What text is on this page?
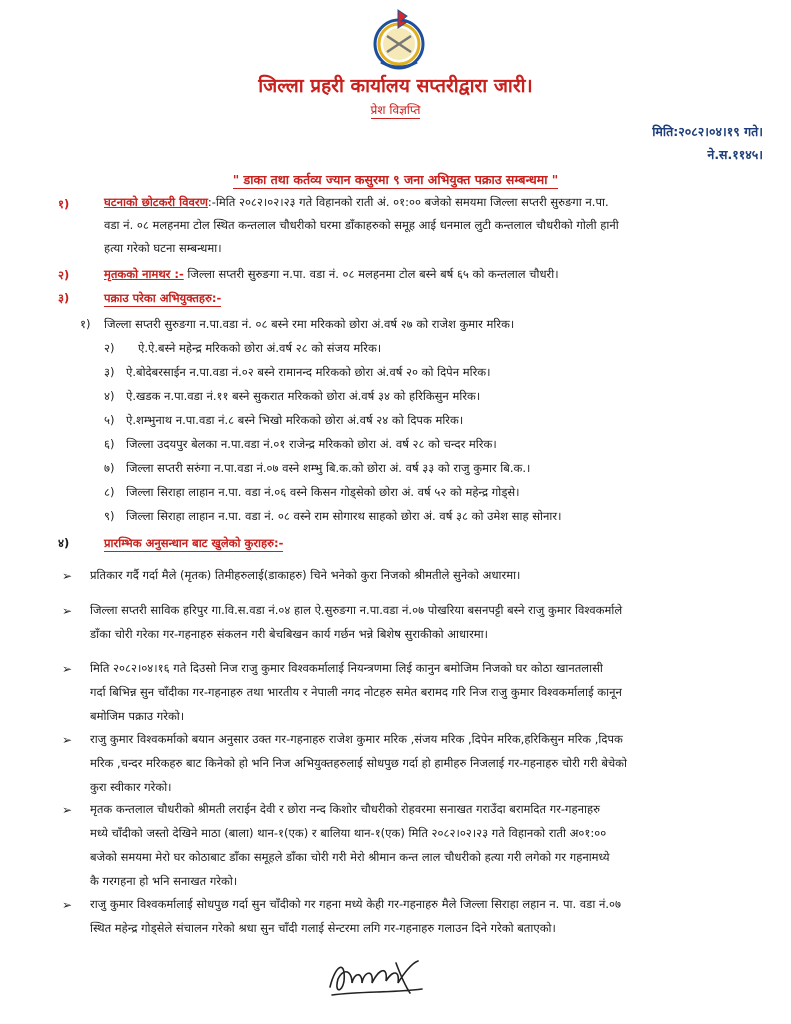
जिल्ला प्रहरी कार्यालय सप्तरीद्वारा जारी।
प्रेश विज्ञप्ति
मिति:२०८२।०४।१९ गते।
ने.स.११४५।
" डाका तथा कर्तव्य ज्यान कसुरमा ९ जना अभियुक्त पक्राउ सम्बन्धमा "
१)	घटनाको छोटकरी विवरण:-मिति २०८२।०२।२३ गते विहानको राती अं. ०१:०० बजेको समयमा जिल्ला सप्तरी सुरुङगा न.पा.
वडा नं. ०८ मलहनमा टोल स्थित कन्तलाल चौधरीको घरमा डाँकाहरुको समूह आई धनमाल लुटी कन्तलाल चौधरीको गोली हानी
हत्या गरेको घटना सम्बन्धमा।
२)	मृतकको नामथर :- जिल्ला सप्तरी सुरुङगा न.पा. वडा नं. ०८ मलहनमा टोल बस्ने बर्ष ६५ को कन्तलाल चौधरी।
३)	पक्राउ परेका अभियुक्तहरु:-
१) जिल्ला सप्तरी सुरुङगा न.पा.वडा नं. ०८ बस्ने रमा मरिकको छोरा अं.वर्ष २७ को राजेश कुमार मरिक।
२) ऐ.ऐ.बस्ने महेन्द्र मरिकको छोरा अं.वर्ष २८ को संजय मरिक।
३) ऐ.बोदेबरसाईन न.पा.वडा नं.०२ बस्ने रामानन्द मरिकको छोरा अं.वर्ष २० को दिपेन मरिक।
४) ऐ.खडक न.पा.वडा नं.११ बस्ने सुकरात मरिकको छोरा अं.वर्ष ३४ को हरिकिसुन मरिक।
५) ऐ.शम्भुनाथ न.पा.वडा नं.८ बस्ने भिखो मरिकको छोरा अं.वर्ष २४ को दिपक मरिक।
६) जिल्ला उदयपुर बेलका न.पा.वडा नं.०१ राजेन्द्र मरिकको छोरा अं. वर्ष २८ को चन्दर मरिक।
७) जिल्ला सप्तरी सरुंगा न.पा.वडा नं.०७ वस्ने शम्भु बि.क.को छोरा अं. वर्ष ३३ को राजु कुमार बि.क.।
८) जिल्ला सिराहा लाहान न.पा. वडा नं.०६ वस्ने किसन गोड्सेको छोरा अं. वर्ष ५२ को महेन्द्र गोड्से।
९) जिल्ला सिराहा लाहान न.पा. वडा नं. ०८ वस्ने राम सोगारथ साहको छोरा अं. वर्ष ३८ को उमेश साह सोनार।
४)	प्रारम्भिक अनुसन्धान बाट खुलेको कुराहरु:-
➢ प्रतिकार गर्दै गर्दा मैले (मृतक) तिमीहरुलाई(डाकाहरु) चिने भनेको कुरा निजको श्रीमतीले सुनेको अधारमा।
➢ जिल्ला सप्तरी साविक हरिपुर गा.वि.स.वडा नं.०४ हाल ऐ.सुरुङगा न.पा.वडा नं.०७ पोखरिया बसनपट्टी बस्ने राजु कुमार विश्वकर्माले
डाँका चोरी गरेका गर-गहनाहरु संकलन गरी बेचबिखन कार्य गर्छन भन्ने बिशेष सुराकीको आधारमा।
➢ मिति २०८२।०४।१६ गते दिउसो निज राजु कुमार विश्वकर्मालाई नियन्त्रणमा लिई कानुन बमोजिम निजको घर कोठा खानतलासी
गर्दा बिभिन्न सुन चाँदीका गर-गहनाहरु तथा भारतीय र नेपाली नगद नोटहरु समेत बरामद गरि निज राजु कुमार विश्वकर्मालाई कानून
बमोजिम पक्राउ गरेको।
➢ राजु कुमार विश्वकर्माको बयान अनुसार उक्त गर-गहनाहरु राजेश कुमार मरिक ,संजय मरिक ,दिपेन मरिक,हरिकिसुन मरिक ,दिपक
मरिक ,चन्दर मरिकहरु बाट किनेको हो भनि निज अभियुक्तहरुलाई सोधपुछ गर्दा हो हामीहरु निजलाई गर-गहनाहरु चोरी गरी बेचेको
कुरा स्वीकार गरेको।
➢ मृतक कन्तलाल चौधरीको श्रीमती लराईन देवी र छोरा नन्द किशोर चौधरीको रोहवरमा सनाखत गराउँदा बरामदित गर-गहनाहरु
मध्ये चाँदीको जस्तो देखिने माठा (बाला) थान-१(एक) र बालिया थान-१(एक) मिति २०८२।०२।२३ गते विहानको राती अ०१:००
बजेको समयमा मेरो घर कोठाबाट डाँका समूहले डाँका चोरी गरी मेरो श्रीमान कन्त लाल चौधरीको हत्या गरी लगेको गर गहनामध्ये
कै गरगहना हो भनि सनाखत गरेको।
➢ राजु कुमार विश्वकर्मालाई सोधपुछ गर्दा सुन चाँदीको गर गहना मध्ये केही गर-गहनाहरु मैले जिल्ला सिराहा लहान न. पा. वडा नं.०७
स्थित महेन्द्र गोड्सेले संचालन गरेको श्रधा सुन चाँदी गलाई सेन्टरमा लगि गर-गहनाहरु गलाउन दिने गरेको बताएको।
